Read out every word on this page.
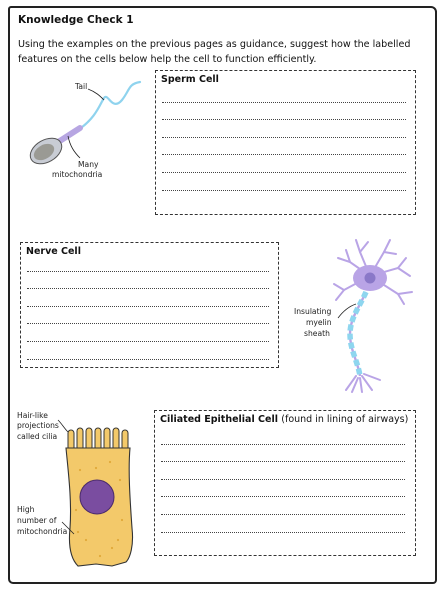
Knowledge Check 1
Using the examples on the previous pages as guidance, suggest how the labelled features on the cells below help the cell to function efficiently.
Sperm Cell
Nerve Cell
Ciliated Epithelial Cell (found in lining of airways)
Tail
Many
mitochondria
Insulating
myelin
sheath
Hair-like
projections
called cilia
High
number of
mitochondria
